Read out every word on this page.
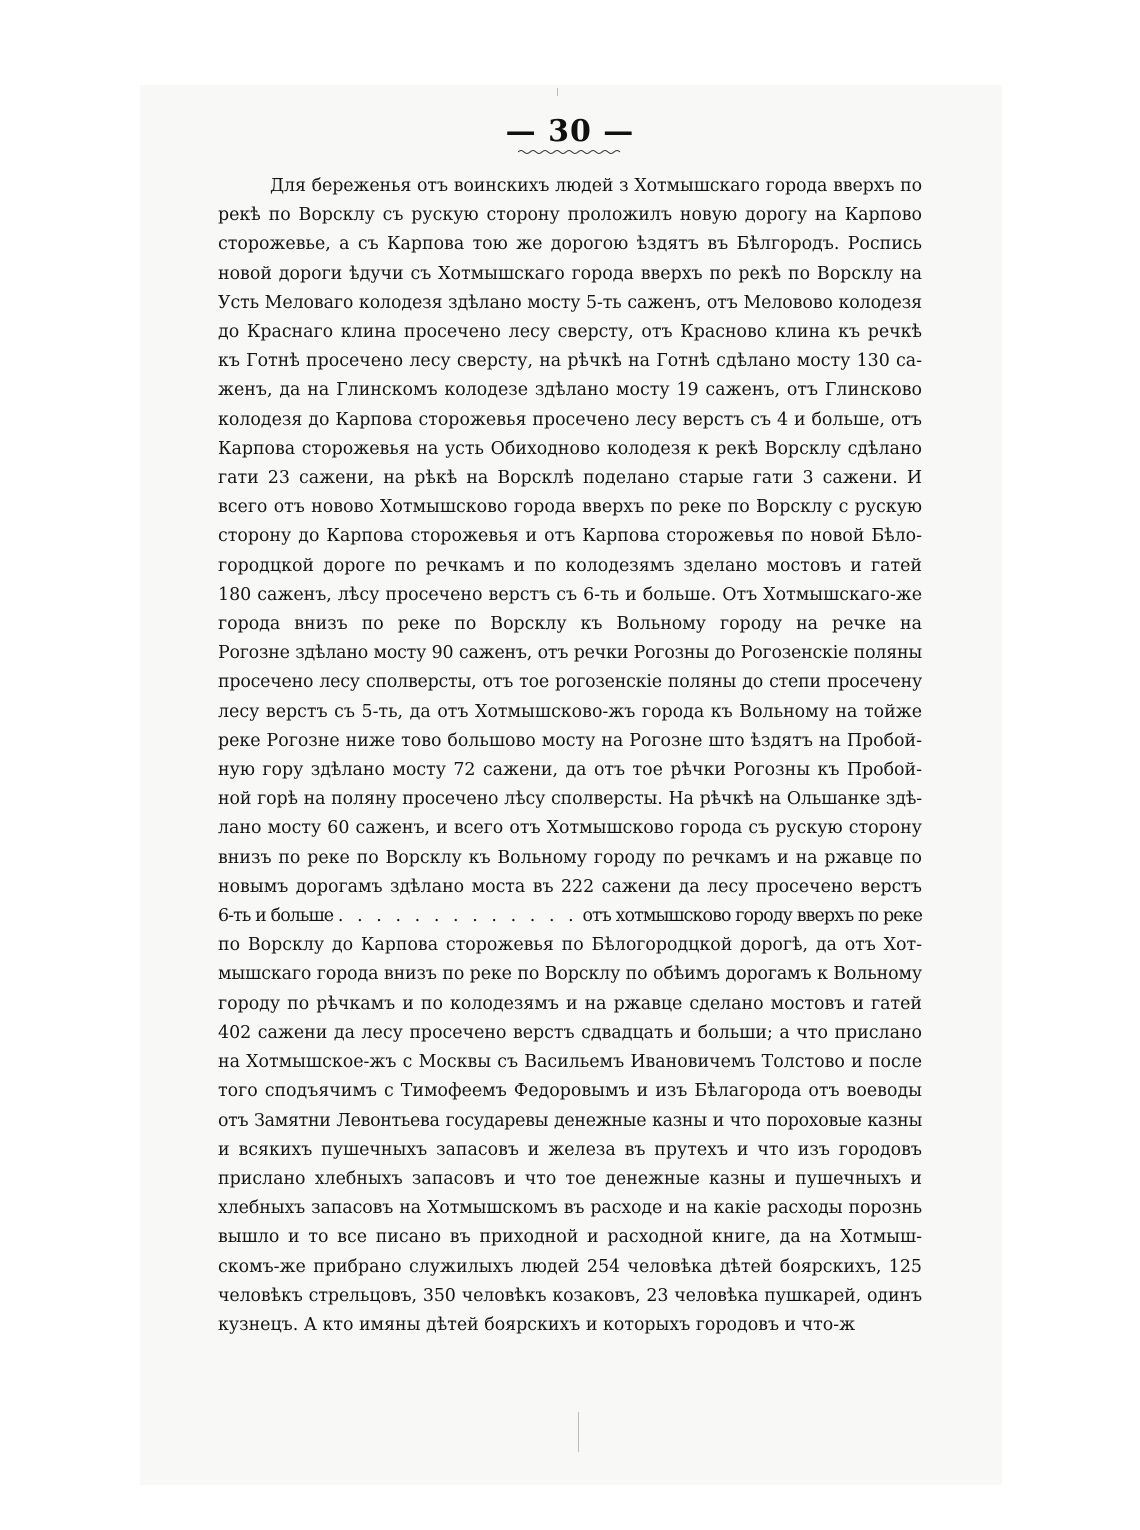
— 30 —
Для береженья отъ воинскихъ людей з Хотмышскаго города вверхъ по
рекѣ по Ворсклу съ рускую сторону проложилъ новую дорогу на Карпово
сторожевье, а съ Карпова тою же дорогою ѣздятъ въ Бѣлгородъ. Роспись
новой дороги ѣдучи съ Хотмышскаго города вверхъ по рекѣ по Ворсклу на
Усть Меловаго колодезя здѣлано мосту 5-ть саженъ, отъ Меловово колодезя
до Краснаго клина просечено лесу сверсту, отъ Красново клина къ речкѣ
къ Готнѣ просечено лесу сверсту, на рѣчкѣ на Готнѣ сдѣлано мосту 130 са-
женъ, да на Глинскомъ колодезе здѣлано мосту 19 саженъ, отъ Глинсково
колодезя до Карпова сторожевья просечено лесу верстъ съ 4 и больше, отъ
Карпова сторожевья на усть Обиходново колодезя к рекѣ Ворсклу сдѣлано
гати 23 сажени, на рѣкѣ на Ворсклѣ поделано старые гати 3 сажени. И
всего отъ новово Хотмышсково города вверхъ по реке по Ворсклу с рускую
сторону до Карпова сторожевья и отъ Карпова сторожевья по новой Бѣло-
городцкой дороге по речкамъ и по колодезямъ зделано мостовъ и гатей
180 саженъ, лѣсу просечено верстъ съ 6-ть и больше. Отъ Хотмышскаго-же
города внизъ по реке по Ворсклу къ Вольному городу на речке на
Рогозне здѣлано мосту 90 саженъ, отъ речки Рогозны до Рогозенскіе поляны
просечено лесу сполверсты, отъ тое рогозенскіе поляны до степи просечену
лесу верстъ съ 5-ть, да отъ Хотмышсково-жъ города къ Вольному на тойже
реке Рогозне ниже тово большово мосту на Рогозне што ѣздятъ на Пробой-
ную гору здѣлано мосту 72 сажени, да отъ тое рѣчки Рогозны къ Пробой-
ной горѣ на поляну просечено лѣсу сполверсты. На рѣчкѣ на Ольшанке здѣ-
лано мосту 60 саженъ, и всего отъ Хотмышсково города съ рускую сторону
внизъ по реке по Ворсклу къ Вольному городу по речкамъ и на ржавце по
новымъ дорогамъ здѣлано моста въ 222 сажени да лесу просечено верстъ
6-ть и больше . . . . . . . . . . . . . отъ хотмышсково городу вверхъ по реке
по Ворсклу до Карпова сторожевья по Бѣлогородцкой дорогѣ, да отъ Хот-
мышскаго города внизъ по реке по Ворсклу по обѣимъ дорогамъ к Вольному
городу по рѣчкамъ и по колодезямъ и на ржавце сделано мостовъ и гатей
402 сажени да лесу просечено верстъ сдвадцать и больши; а что прислано
на Хотмышское-жъ с Москвы съ Васильемъ Ивановичемъ Толстово и после
того сподъячимъ с Тимофеемъ Федоровымъ и изъ Бѣлагорода отъ воеводы
отъ Замятни Левонтьева государевы денежные казны и что пороховые казны
и всякихъ пушечныхъ запасовъ и железа въ прутехъ и что изъ городовъ
прислано хлебныхъ запасовъ и что тое денежные казны и пушечныхъ и
хлебныхъ запасовъ на Хотмышскомъ въ расходе и на какіе расходы порознь
вышло и то все писано въ приходной и расходной книге, да на Хотмыш-
скомъ-же прибрано служилыхъ людей 254 человѣка дѣтей боярскихъ, 125
человѣкъ стрельцовъ, 350 человѣкъ козаковъ, 23 человѣка пушкарей, одинъ
кузнецъ. А кто имяны дѣтей боярскихъ и которыхъ городовъ и что-ж
